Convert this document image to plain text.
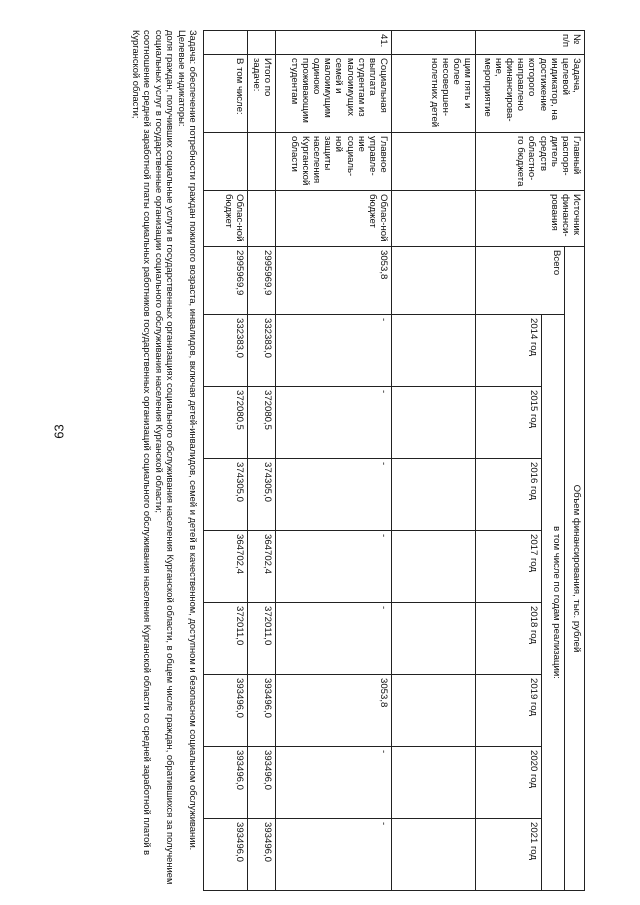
63
№ п/п	Задача, целевой индикатор, на достижение которого направлено финансирова-ние, мероприятие	Главный распоря-дитель средств областно-го бюджета	Источник финанси-рования	Объем финансирования, тыс. рублей								
				Всего	в том числе по годам реализации:							
					2014 год	2015 год	2016 год	2017 год	2018 год	2019 год	2020 год	2021 год
	щим пять и более несовершен-нолетних детей											
41.	Социальная выплата студентам из малоимущих семей и малоимущим одиноко проживающим студентам	Главное управле-ние социаль-ной защиты населения Курганской области	Облас-ной бюджет	3053,8	-	-	-	-	-	3053,8	-	-
	Итого по задаче:			2995969,9	332383,0	372080,5	374305,0	364702,4	372011,0	393496,0	393496,0	393496,0
	В том числе:		Облас-ной бюджет	2995969,9	332383,0	372080,5	374305,0	364702,4	372011,0	393496,0	393496,0	393496,0

Задача: обеспечение потребности граждан пожилого возраста, инвалидов, включая детей-инвалидов, семей и детей в качественном, доступном и безопасном социальном обслуживании.

Целевые индикаторы:

доля граждан, получивших социальные услуги в государственных организациях социального обслуживания населения Курганской области, в общем числе граждан, обратившихся за получением социальных услуг в государственные организации социального обслуживания населения Курганской области;

соотношение средней заработной платы социальных работников государственных организаций социального обслуживания населения Курганской области со средней заработной платой в Курганской области;
